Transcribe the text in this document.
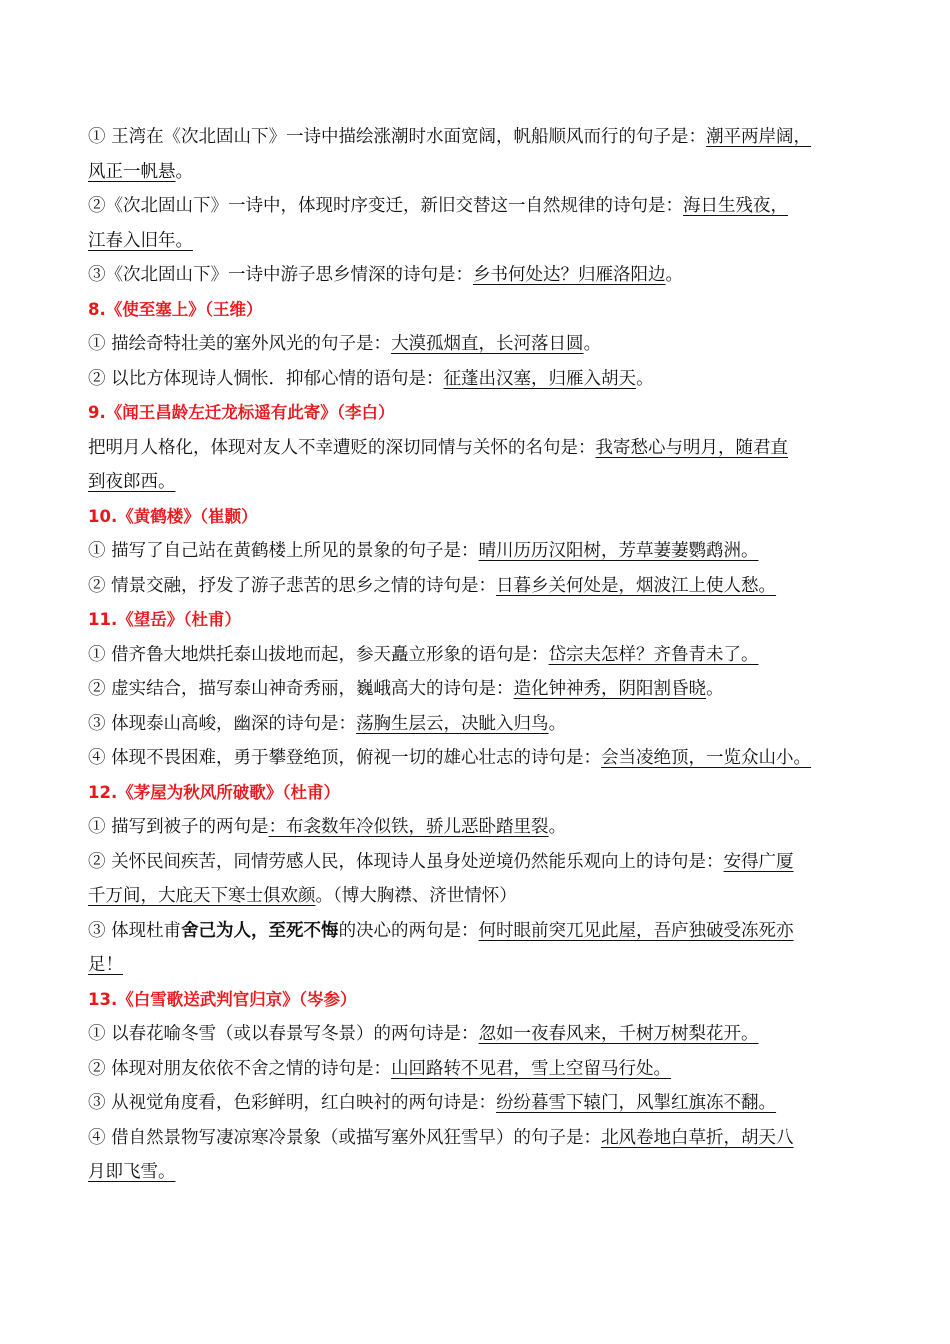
① 王湾在《次北固山下》一诗中描绘涨潮时水面宽阔，帆船顺风而行的句子是：潮平两岸阔，
风正一帆悬。
②《次北固山下》一诗中，体现时序变迁，新旧交替这一自然规律的诗句是：海日生残夜，
江春入旧年。
③《次北固山下》一诗中游子思乡情深的诗句是：乡书何处达？归雁洛阳边。
8.《使至塞上》（王维）
① 描绘奇特壮美的塞外风光的句子是：大漠孤烟直，长河落日圆。
② 以比方体现诗人惆怅．抑郁心情的语句是：征蓬出汉塞，归雁入胡天。
9.《闻王昌龄左迁龙标遥有此寄》（李白）
把明月人格化，体现对友人不幸遭贬的深切同情与关怀的名句是：我寄愁心与明月，随君直
到夜郎西。
10.《黄鹤楼》（崔颢）
① 描写了自己站在黄鹤楼上所见的景象的句子是：晴川历历汉阳树，芳草萋萋鹦鹉洲。
② 情景交融，抒发了游子悲苦的思乡之情的诗句是：日暮乡关何处是，烟波江上使人愁。
11.《望岳》（杜甫）
① 借齐鲁大地烘托泰山拔地而起，参天矗立形象的语句是：岱宗夫怎样？齐鲁青未了。
② 虚实结合，描写泰山神奇秀丽，巍峨高大的诗句是：造化钟神秀，阴阳割昏晓。
③ 体现泰山高峻，幽深的诗句是：荡胸生层云，决眦入归鸟。
④ 体现不畏困难，勇于攀登绝顶，俯视一切的雄心壮志的诗句是：会当凌绝顶，一览众山小。
12.《茅屋为秋风所破歌》（杜甫）
① 描写到被子的两句是：布衾数年冷似铁，骄儿恶卧踏里裂。
② 关怀民间疾苦，同情劳感人民，体现诗人虽身处逆境仍然能乐观向上的诗句是：安得广厦
千万间，大庇天下寒士俱欢颜。（博大胸襟、济世情怀）
③ 体现杜甫舍己为人，至死不悔的决心的两句是：何时眼前突兀见此屋，吾庐独破受冻死亦
足！
13.《白雪歌送武判官归京》（岑参）
① 以春花喻冬雪（或以春景写冬景）的两句诗是：忽如一夜春风来，千树万树梨花开。
② 体现对朋友依依不舍之情的诗句是：山回路转不见君，雪上空留马行处。
③ 从视觉角度看，色彩鲜明，红白映衬的两句诗是：纷纷暮雪下辕门，风掣红旗冻不翻。
④ 借自然景物写凄凉寒冷景象（或描写塞外风狂雪早）的句子是：北风卷地白草折，胡天八
月即飞雪。
